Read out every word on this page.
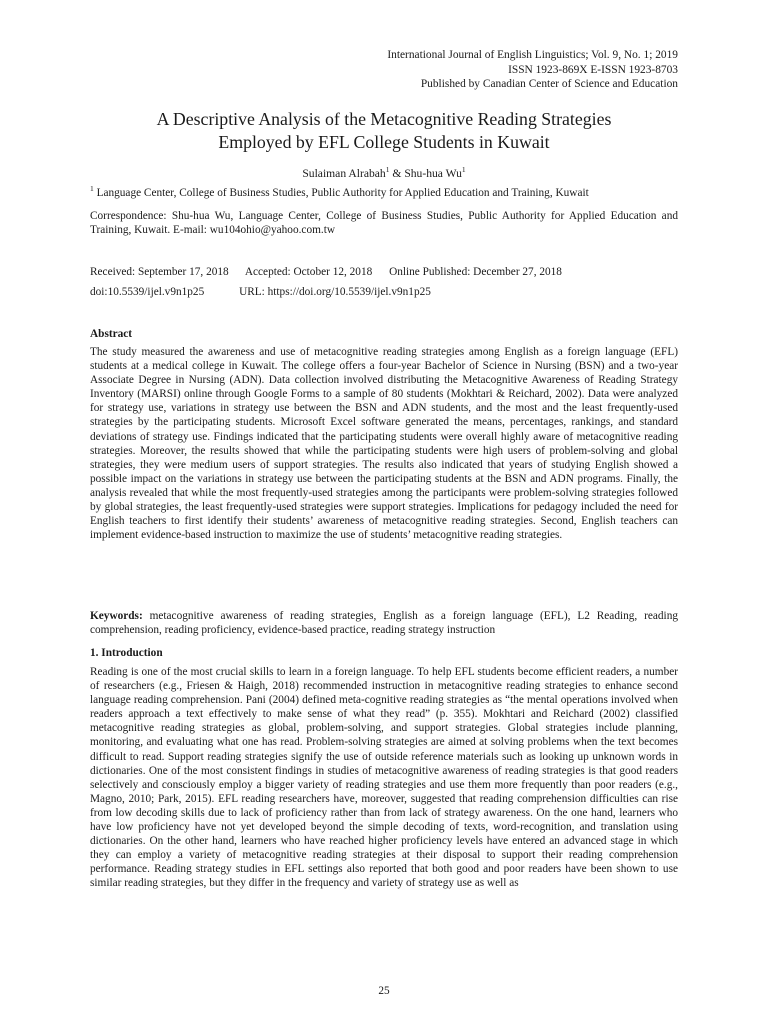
International Journal of English Linguistics; Vol. 9, No. 1; 2019
ISSN 1923-869X E-ISSN 1923-8703
Published by Canadian Center of Science and Education
A Descriptive Analysis of the Metacognitive Reading Strategies
Employed by EFL College Students in Kuwait
Sulaiman Alrabah$^1$ & Shu-hua Wu$^1$
$^1$ Language Center, College of Business Studies, Public Authority for Applied Education and Training, Kuwait
Correspondence: Shu-hua Wu, Language Center, College of Business Studies, Public Authority for Applied Education and Training, Kuwait. E-mail: wu104ohio@yahoo.com.tw
Received: September 17, 2018 Accepted: October 12, 2018 Online Published: December 27, 2018
doi:10.5539/ijel.v9n1p25	URL: https://doi.org/10.5539/ijel.v9n1p25
Abstract
The study measured the awareness and use of metacognitive reading strategies among English as a foreign language (EFL) students at a medical college in Kuwait. The college offers a four-year Bachelor of Science in Nursing (BSN) and a two-year Associate Degree in Nursing (ADN). Data collection involved distributing the Metacognitive Awareness of Reading Strategy Inventory (MARSI) online through Google Forms to a sample of 80 students (Mokhtari & Reichard, 2002). Data were analyzed for strategy use, variations in strategy use between the BSN and ADN students, and the most and the least frequently-used strategies by the participating students. Microsoft Excel software generated the means, percentages, rankings, and standard deviations of strategy use. Findings indicated that the participating students were overall highly aware of metacognitive reading strategies. Moreover, the results showed that while the participating students were high users of problem-solving and global strategies, they were medium users of support strategies. The results also indicated that years of studying English showed a possible impact on the variations in strategy use between the participating students at the BSN and ADN programs. Finally, the analysis revealed that while the most frequently-used strategies among the participants were problem-solving strategies followed by global strategies, the least frequently-used strategies were support strategies. Implications for pedagogy included the need for English teachers to first identify their students’ awareness of metacognitive reading strategies. Second, English teachers can implement evidence-based instruction to maximize the use of students’ metacognitive reading strategies.
Keywords: metacognitive awareness of reading strategies, English as a foreign language (EFL), L2 Reading, reading comprehension, reading proficiency, evidence-based practice, reading strategy instruction
1. Introduction
Reading is one of the most crucial skills to learn in a foreign language. To help EFL students become efficient readers, a number of researchers (e.g., Friesen & Haigh, 2018) recommended instruction in metacognitive reading strategies to enhance second language reading comprehension. Pani (2004) defined meta-cognitive reading strategies as “the mental operations involved when readers approach a text effectively to make sense of what they read” (p. 355). Mokhtari and Reichard (2002) classified metacognitive reading strategies as global, problem-solving, and support strategies. Global strategies include planning, monitoring, and evaluating what one has read. Problem-solving strategies are aimed at solving problems when the text becomes difficult to read. Support reading strategies signify the use of outside reference materials such as looking up unknown words in dictionaries. One of the most consistent findings in studies of metacognitive awareness of reading strategies is that good readers selectively and consciously employ a bigger variety of reading strategies and use them more frequently than poor readers (e.g., Magno, 2010; Park, 2015). EFL reading researchers have, moreover, suggested that reading comprehension difficulties can rise from low decoding skills due to lack of proficiency rather than from lack of strategy awareness. On the one hand, learners who have low proficiency have not yet developed beyond the simple decoding of texts, word-recognition, and translation using dictionaries. On the other hand, learners who have reached higher proficiency levels have entered an advanced stage in which they can employ a variety of metacognitive reading strategies at their disposal to support their reading comprehension performance. Reading strategy studies in EFL settings also reported that both good and poor readers have been shown to use similar reading strategies, but they differ in the frequency and variety of strategy use as well as
25
